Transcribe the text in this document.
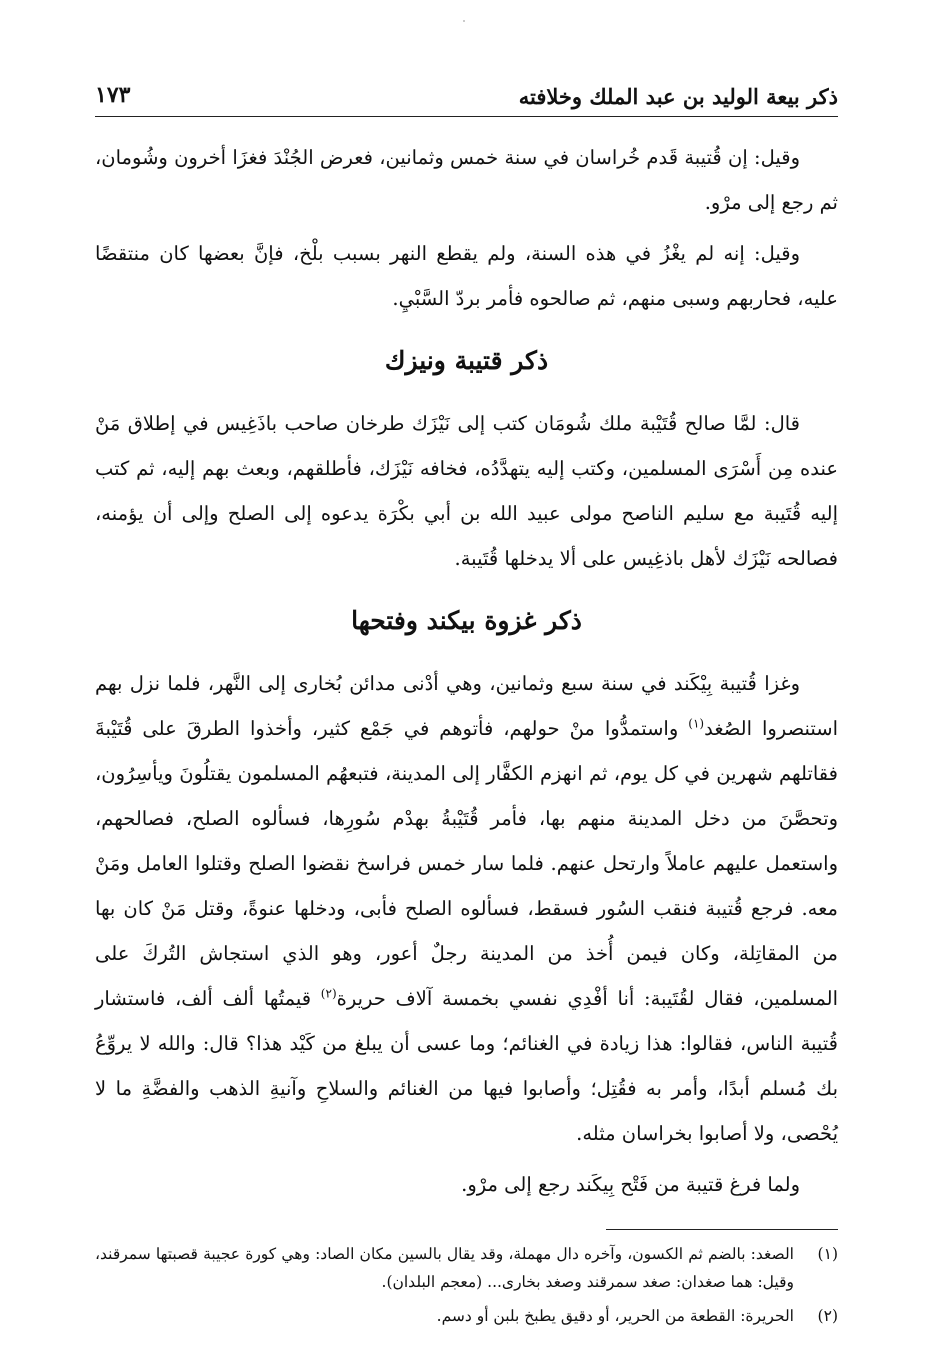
ذكر بيعة الوليد بن عبد الملك وخلافته
١٧٣

وقيل: إن قُتيبة قَدم خُراسان في سنة خمس وثمانين، فعرض الجُنْدَ فغزَا أخرون وشُومان، ثم رجع إلى مرْو.

وقيل: إنه لم يغْزُ في هذه السنة، ولم يقطع النهر بسبب بلْخ، فإنَّ بعضها كان منتقضًا عليه، فحاربهم وسبى منهم، ثم صالحوه فأمر بردّ السَّبْيِ.

ذكر قتيبة ونيزك

قال: لمَّا صالح قُتَيْبة ملك شُومَان كتب إلى نَيْزَك طرخان صاحب باذَغِيس في إطلاق مَنْ عنده مِن أَسْرَى المسلمين، وكتب إليه يتهدَّدُه، فخافه نَيْزَك، فأطلقهم، وبعث بهم إليه، ثم كتب إليه قُتَيبة مع سليم الناصح مولى عبيد الله بن أبي بكْرَة يدعوه إلى الصلح وإلى أن يؤمنه، فصالحه نَيْزَك لأهل باذغِيس على ألا يدخلها قُتَيبة.

ذكر غزوة بيكند وفتحها

وغزا قُتيبة بِيْكَند في سنة سبع وثمانين، وهي أدْنى مدائن بُخارى إلى النَّهر، فلما نزل بهم استنصروا الصُغد$^{(١)}$ واستمدُّوا منْ حولهم، فأتوهم في جَمْع كثير، وأخذوا الطرقَ على قُتَيْبةَ فقاتلهم شهرين في كل يوم، ثم انهزم الكفَّار إلى المدينة، فتبعهُم المسلمون يقتلُونَ ويأسِرُون، وتحصَّنَ من دخل المدينة منهم بها، فأمر قُتَيْبةُ بهدْم سُورِها، فسألوه الصلح، فصالحهم، واستعمل عليهم عاملاً وارتحل عنهم. فلما سار خمس فراسخ نقضوا الصلح وقتلوا العامل ومَنْ معه. فرجع قُتيبة فنقب السُور فسقط، فسألوه الصلح فأبى، ودخلها عنوةً، وقتل مَنْ كان بها من المقاتِلة، وكان فيمن أُخذ من المدينة رجلٌ أعور، وهو الذي استجاش التُركَ على المسلمين، فقال لقُتَيبة: أنا أفْدِي نفسي بخمسة آلاف حريرة$^{(٢)}$ قيمتُها ألف ألف، فاستشار قُتيبة الناس، فقالوا: هذا زيادة في الغنائم؛ وما عسى أن يبلغ من كَيْد هذا؟ قال: والله لا يروِّعُ بك مُسلم أبدًا، وأمر به فقُتِل؛ وأصابوا فيها من الغنائم والسلاحِ وآنيةِ الذهب والفضَّةِ ما لا يُحْصى، ولا أصابوا بخراسان مثله.

ولما فرغ قتيبة من فَتْح بِيكَند رجع إلى مرْو.

(١)
الصغد: بالضم ثم الكسون، وآخره دال مهملة، وقد يقال بالسين مكان الصاد: وهي كورة عجيبة قصبتها سمرقند، وقيل: هما صغدان: صغد سمرقند وصغد بخارى... (معجم البلدان).
(٢)
الحريرة: القطعة من الحرير، أو دقيق يطبخ بلبن أو دسم.
